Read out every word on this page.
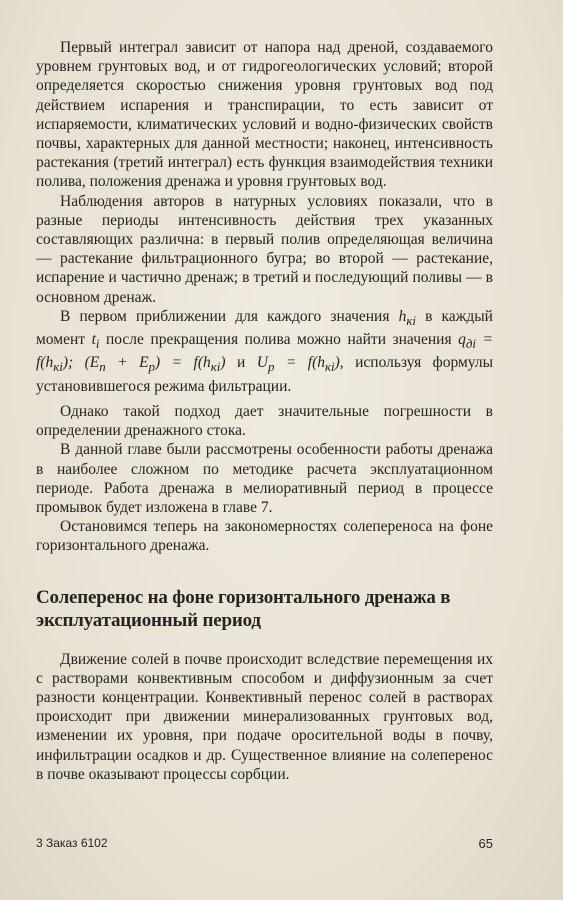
Первый интеграл зависит от напора над дреной, создаваемого уровнем грунтовых вод, и от гидрогеологических условий; второй определяется скоростью снижения уровня грунтовых вод под действием испарения и транспирации, то есть зависит от испаряемости, климатических условий и водно-физических свойств почвы, характерных для данной местности; наконец, интенсивность растекания (третий интеграл) есть функция взаимодействия техники полива, положения дренажа и уровня грунтовых вод.

Наблюдения авторов в натурных условиях показали, что в разные периоды интенсивность действия трех указанных составляющих различна: в первый полив определяющая величина — растекание фильтрационного бугра; во второй — растекание, испарение и частично дренаж; в третий и последующий поливы — в основном дренаж.

В первом приближении для каждого значения $h_{кi}$ в каждый момент $t_i$ после прекращения полива можно найти значения $q_{дi} = f(h_{кi})$; $(E_п + E_р) = f(h_{кi})$ и $U_р = f(h_{кi})$, используя формулы установившегося режима фильтрации.

Однако такой подход дает значительные погрешности в определении дренажного стока.

В данной главе были рассмотрены особенности работы дренажа в наиболее сложном по методике расчета эксплуатационном периоде. Работа дренажа в мелиоративный период в процессе промывок будет изложена в главе 7.

Остановимся теперь на закономерностях солепереноса на фоне горизонтального дренажа.

Солеперенос на фоне горизонтального дренажа в эксплуатационный период

Движение солей в почве происходит вследствие перемещения их с растворами конвективным способом и диффузионным за счет разности концентрации. Конвективный перенос солей в растворах происходит при движении минерализованных грунтовых вод, изменении их уровня, при подаче оросительной воды в почву, инфильтрации осадков и др. Существенное влияние на солеперенос в почве оказывают процессы сорбции.

3 Заказ 6102	65
